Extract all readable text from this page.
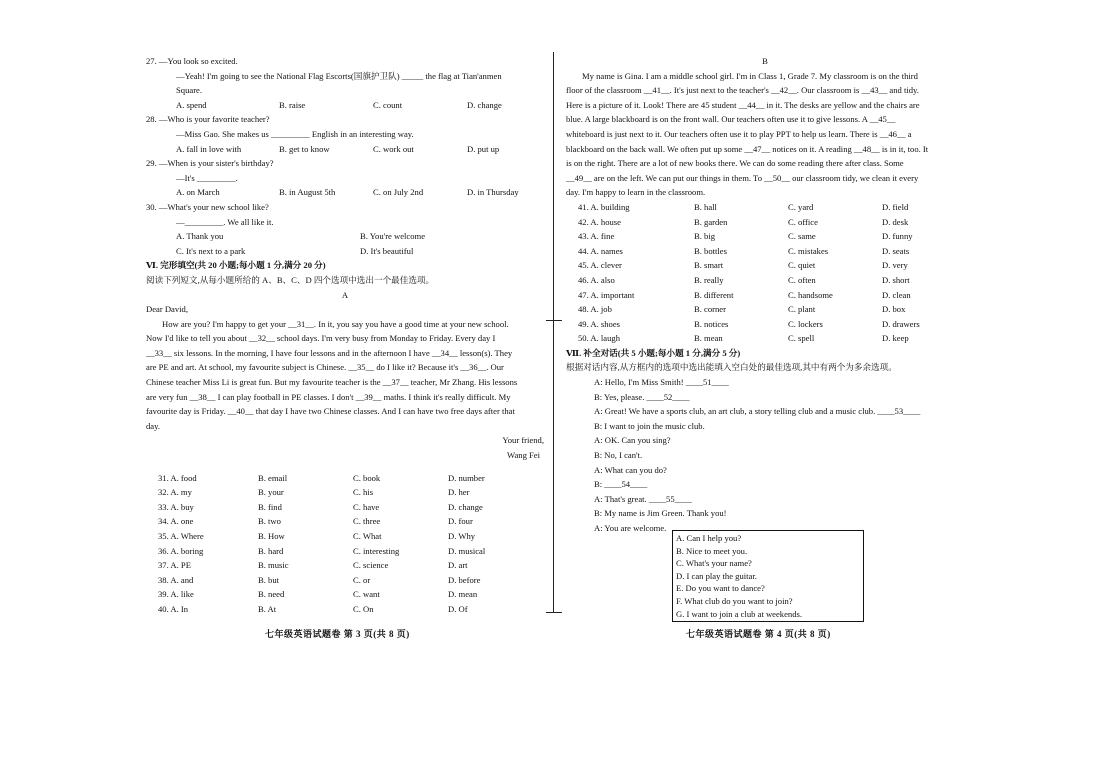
27. —You look so excited.
—Yeah! I'm going to see the National Flag Escorts(国旗护卫队) _____ the flag at Tian'anmen
Square.
A. spend	B. raise	C. count	D. change
28. —Who is your favorite teacher?
—Miss Gao. She makes us _________ English in an interesting way.
A. fall in love with	B. get to know	C. work out	D. put up
29. —When is your sister's birthday?
—It's _________.
A. on March	B. in August 5th	C. on July 2nd	D. in Thursday
30. —What's your new school like?
—_________. We all like it.
A. Thank you	B. You're welcome
C. It's next to a park	D. It's beautiful
Ⅵ. 完形填空(共 20 小题;每小题 1 分,满分 20 分)
阅读下列短文,从每小题所给的 A、B、C、D 四个选项中选出一个最佳选项。
A
Dear David,
How are you? I'm happy to get your __31__. In it, you say you have a good time at your new school.
Now I'd like to tell you about __32__ school days. I'm very busy from Monday to Friday. Every day I
__33__ six lessons. In the morning, I have four lessons and in the afternoon I have __34__ lesson(s). They
are PE and art. At school, my favourite subject is Chinese. __35__ do I like it? Because it's __36__. Our
Chinese teacher Miss Li is great fun. But my favourite teacher is the __37__ teacher, Mr Zhang. His lessons
are very fun __38__ I can play football in PE classes. I don't __39__ maths. I think it's really difficult. My
favourite day is Friday. __40__ that day I have two Chinese classes. And I can have two free days after that
day.
Your friend,
Wang Fei
31. A. food	B. email	C. book	D. number
32. A. my	B. your	C. his	D. her
33. A. buy	B. find	C. have	D. change
34. A. one	B. two	C. three	D. four
35. A. Where	B. How	C. What	D. Why
36. A. boring	B. hard	C. interesting	D. musical
37. A. PE	B. music	C. science	D. art
38. A. and	B. but	C. or	D. before
39. A. like	B. need	C. want	D. mean
40. A. In	B. At	C. On	D. Of
B
My name is Gina. I am a middle school girl. I'm in Class 1, Grade 7. My classroom is on the third
floor of the classroom __41__. It's just next to the teacher's __42__. Our classroom is __43__ and tidy.
Here is a picture of it. Look! There are 45 student __44__ in it. The desks are yellow and the chairs are
blue. A large blackboard is on the front wall. Our teachers often use it to give lessons. A __45__
whiteboard is just next to it. Our teachers often use it to play PPT to help us learn. There is __46__ a
blackboard on the back wall. We often put up some __47__ notices on it. A reading __48__ is in it, too. It
is on the right. There are a lot of new books there. We can do some reading there after class. Some
__49__ are on the left. We can put our things in them. To __50__ our classroom tidy, we clean it every
day. I'm happy to learn in the classroom.
41. A. building	B. hall	C. yard	D. field
42. A. house	B. garden	C. office	D. desk
43. A. fine	B. big	C. same	D. funny
44. A. names	B. bottles	C. mistakes	D. seats
45. A. clever	B. smart	C. quiet	D. very
46. A. also	B. really	C. often	D. short
47. A. important	B. different	C. handsome	D. clean
48. A. job	B. corner	C. plant	D. box
49. A. shoes	B. notices	C. lockers	D. drawers
50. A. laugh	B. mean	C. spell	D. keep
Ⅶ. 补全对话(共 5 小题;每小题 1 分,满分 5 分)
根据对话内容,从方框内的选项中选出能填入空白处的最佳选项,其中有两个为多余选项。
A: Hello, I'm Miss Smith! ____51____
B: Yes, please. ____52____
A: Great! We have a sports club, an art club, a story telling club and a music club. ____53____
B: I want to join the music club.
A: OK. Can you sing?
B: No, I can't.
A: What can you do?
B: ____54____
A: That's great. ____55____
B: My name is Jim Green. Thank you!
A: You are welcome.
A. Can I help you?
B. Nice to meet you.
C. What's your name?
D. I can play the guitar.
E. Do you want to dance?
F. What club do you want to join?
G. I want to join a club at weekends.
七年级英语试题卷 第 3 页(共 8 页)	七年级英语试题卷 第 4 页(共 8 页)
